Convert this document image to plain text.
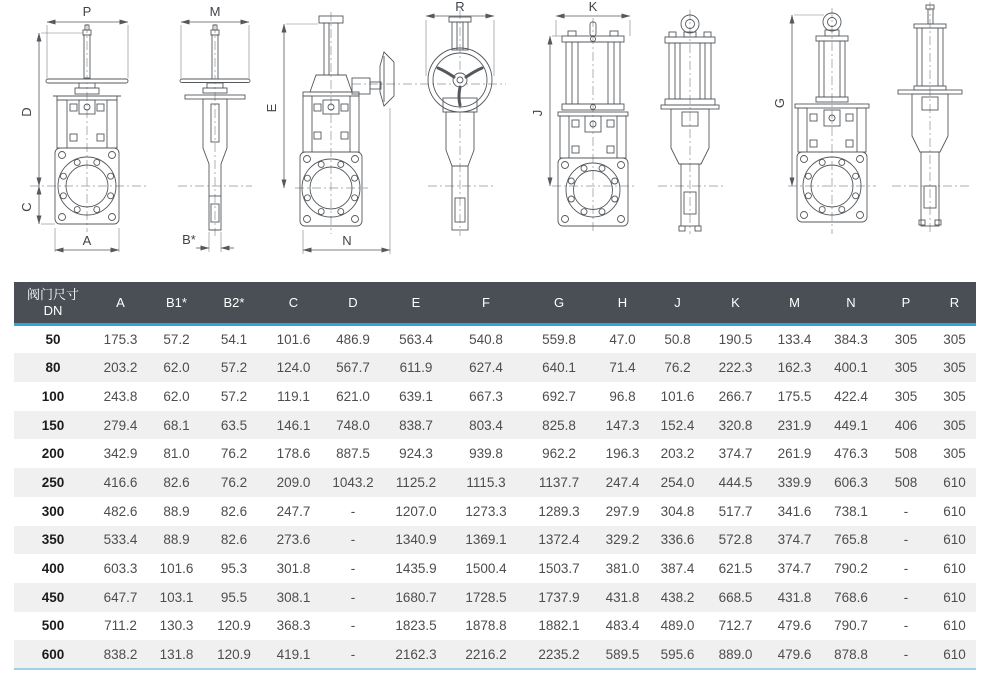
P
D
C
A
M
B*
E
N
R	K
J
G
阀门尺寸
DN	A	B1*	B2*	C	D	E	F	G	H	J	K	M	N	P	R
50	175.3	57.2	54.1	101.6	486.9	563.4	540.8	559.8	47.0	50.8	190.5	133.4	384.3	305	305
80	203.2	62.0	57.2	124.0	567.7	611.9	627.4	640.1	71.4	76.2	222.3	162.3	400.1	305	305
100	243.8	62.0	57.2	119.1	621.0	639.1	667.3	692.7	96.8	101.6	266.7	175.5	422.4	305	305
150	279.4	68.1	63.5	146.1	748.0	838.7	803.4	825.8	147.3	152.4	320.8	231.9	449.1	406	305
200	342.9	81.0	76.2	178.6	887.5	924.3	939.8	962.2	196.3	203.2	374.7	261.9	476.3	508	305
250	416.6	82.6	76.2	209.0	1043.2	1125.2	1115.3	1137.7	247.4	254.0	444.5	339.9	606.3	508	610
300	482.6	88.9	82.6	247.7	-	1207.0	1273.3	1289.3	297.9	304.8	517.7	341.6	738.1	-	610
350	533.4	88.9	82.6	273.6	-	1340.9	1369.1	1372.4	329.2	336.6	572.8	374.7	765.8	-	610
400	603.3	101.6	95.3	301.8	-	1435.9	1500.4	1503.7	381.0	387.4	621.5	374.7	790.2	-	610
450	647.7	103.1	95.5	308.1	-	1680.7	1728.5	1737.9	431.8	438.2	668.5	431.8	768.6	-	610
500	711.2	130.3	120.9	368.3	-	1823.5	1878.8	1882.1	483.4	489.0	712.7	479.6	790.7	-	610
600	838.2	131.8	120.9	419.1	-	2162.3	2216.2	2235.2	589.5	595.6	889.0	479.6	878.8	-	610
